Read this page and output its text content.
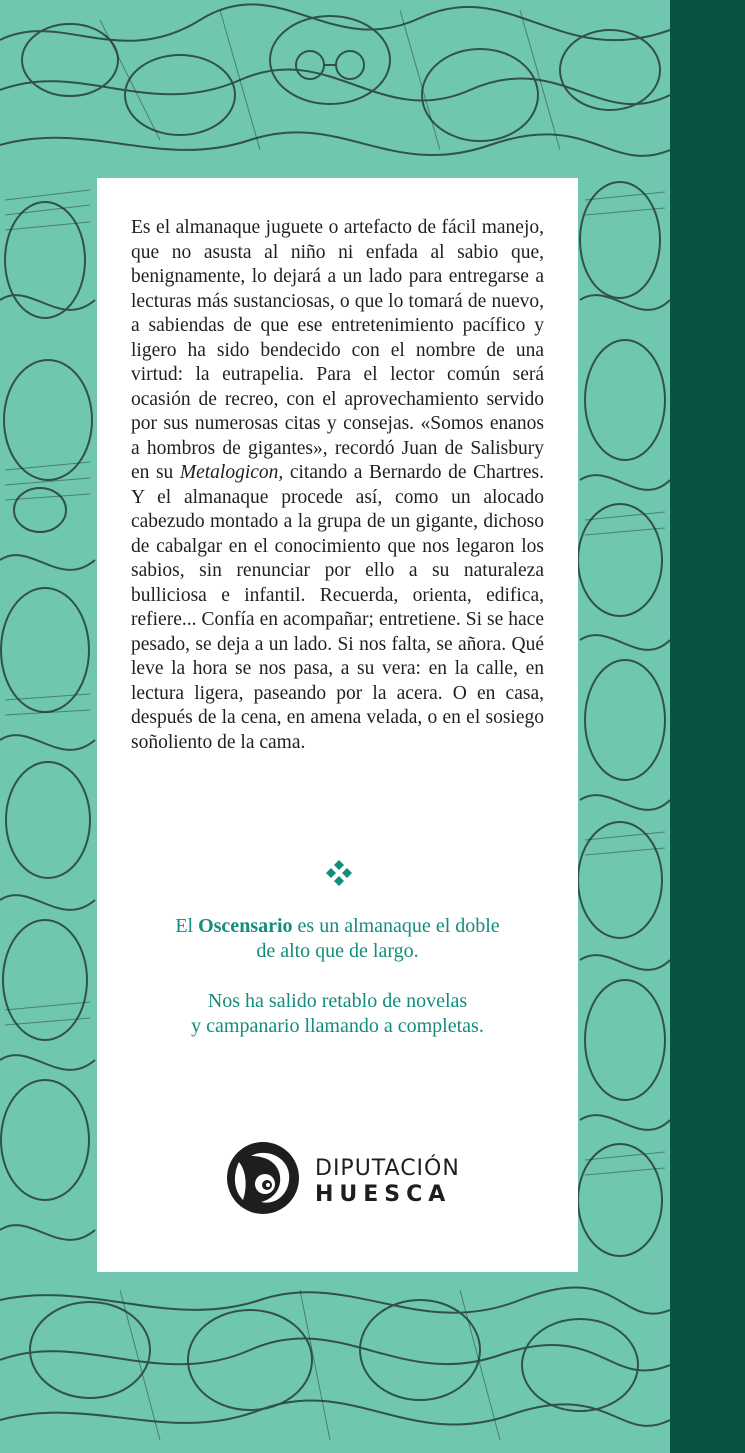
Es el almanaque juguete o artefacto de fácil manejo, que no asusta al niño ni enfada al sabio que, benignamente, lo dejará a un lado para entregarse a lecturas más sustanciosas, o que lo tomará de nuevo, a sabiendas de que ese entretenimiento pacífico y ligero ha sido bendecido con el nombre de una virtud: la eutrapelia. Para el lector común será ocasión de recreo, con el aprovechamiento servido por sus numerosas citas y consejas. «Somos enanos a hombros de gigantes», recordó Juan de Salisbury en su Metalogicon, citando a Bernardo de Chartres. Y el almanaque procede así, como un alocado cabezudo montado a la grupa de un gigante, dichoso de cabalgar en el conocimiento que nos legaron los sabios, sin renunciar por ello a su naturaleza bulliciosa e infantil. Recuerda, orienta, edifica, refiere... Confía en acompañar; entretiene. Si se hace pesado, se deja a un lado. Si nos falta, se añora. Qué leve la hora se nos pasa, a su vera: en la calle, en lectura ligera, paseando por la acera. O en casa, después de la cena, en amena velada, o en el sosiego soñoliento de la cama.

El Oscensario es un almanaque el doble
de alto que de largo.

Nos ha salido retablo de novelas
y campanario llamando a completas.

DIPUTACIÓN

HUESCA
